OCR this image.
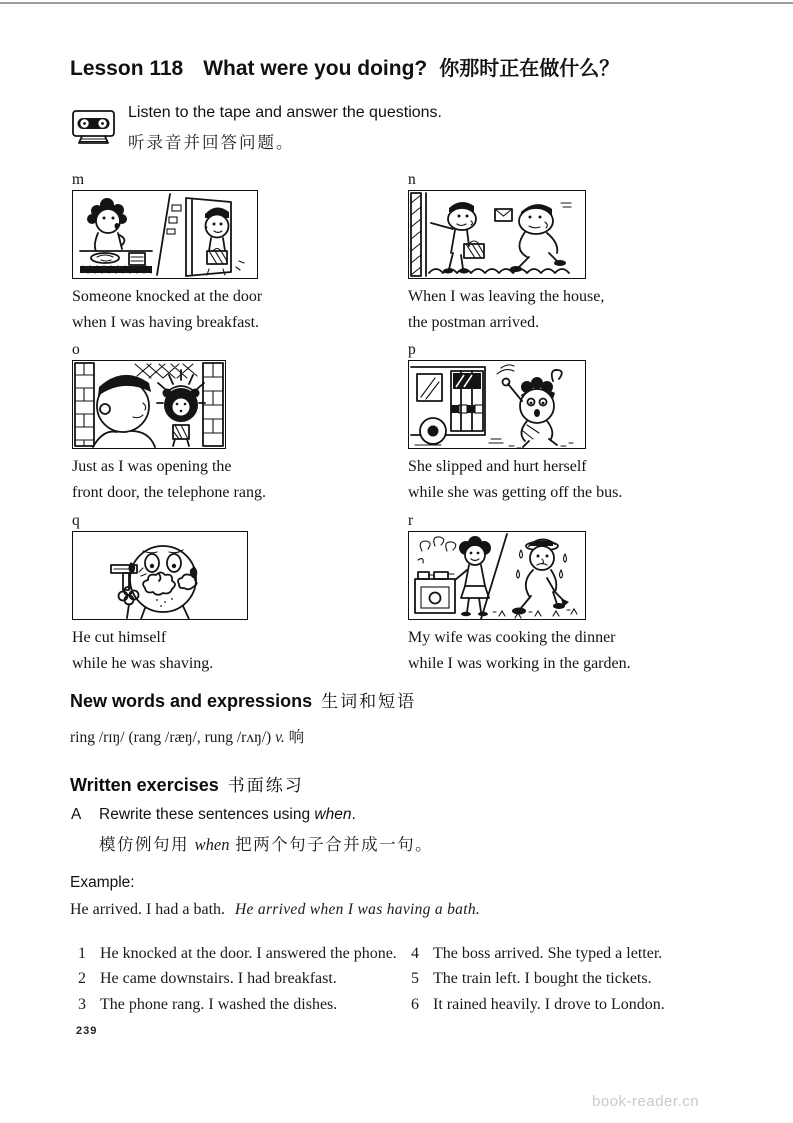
Lesson 118 What were you doing? 你那时正在做什么？
Listen to the tape and answer the questions.
听录音并回答问题。
m
Someone knocked at the door
when I was having breakfast.
n
When I was leaving the house,
the postman arrived.
o
Just as I was opening the
front door, the telephone rang.
p
She slipped and hurt herself
while she was getting off the bus.
q
He cut himself
while he was shaving.
r
My wife was cooking the dinner
while I was working in the garden.
New words and expressions 生词和短语
ring /rɪŋ/ (rang /ræŋ/, rung /rʌŋ/) v. 响
Written exercises 书面练习
A Rewrite these sentences using when.
模仿例句用 when 把两个句子合并成一句。
Example:
He arrived. I had a bath. He arrived when I was having a bath.
1 He knocked at the door. I answered the phone.
2 He came downstairs. I had breakfast.
3 The phone rang. I washed the dishes.
4 The boss arrived. She typed a letter.
5 The train left. I bought the tickets.
6 It rained heavily. I drove to London.
239
book-reader.cn
